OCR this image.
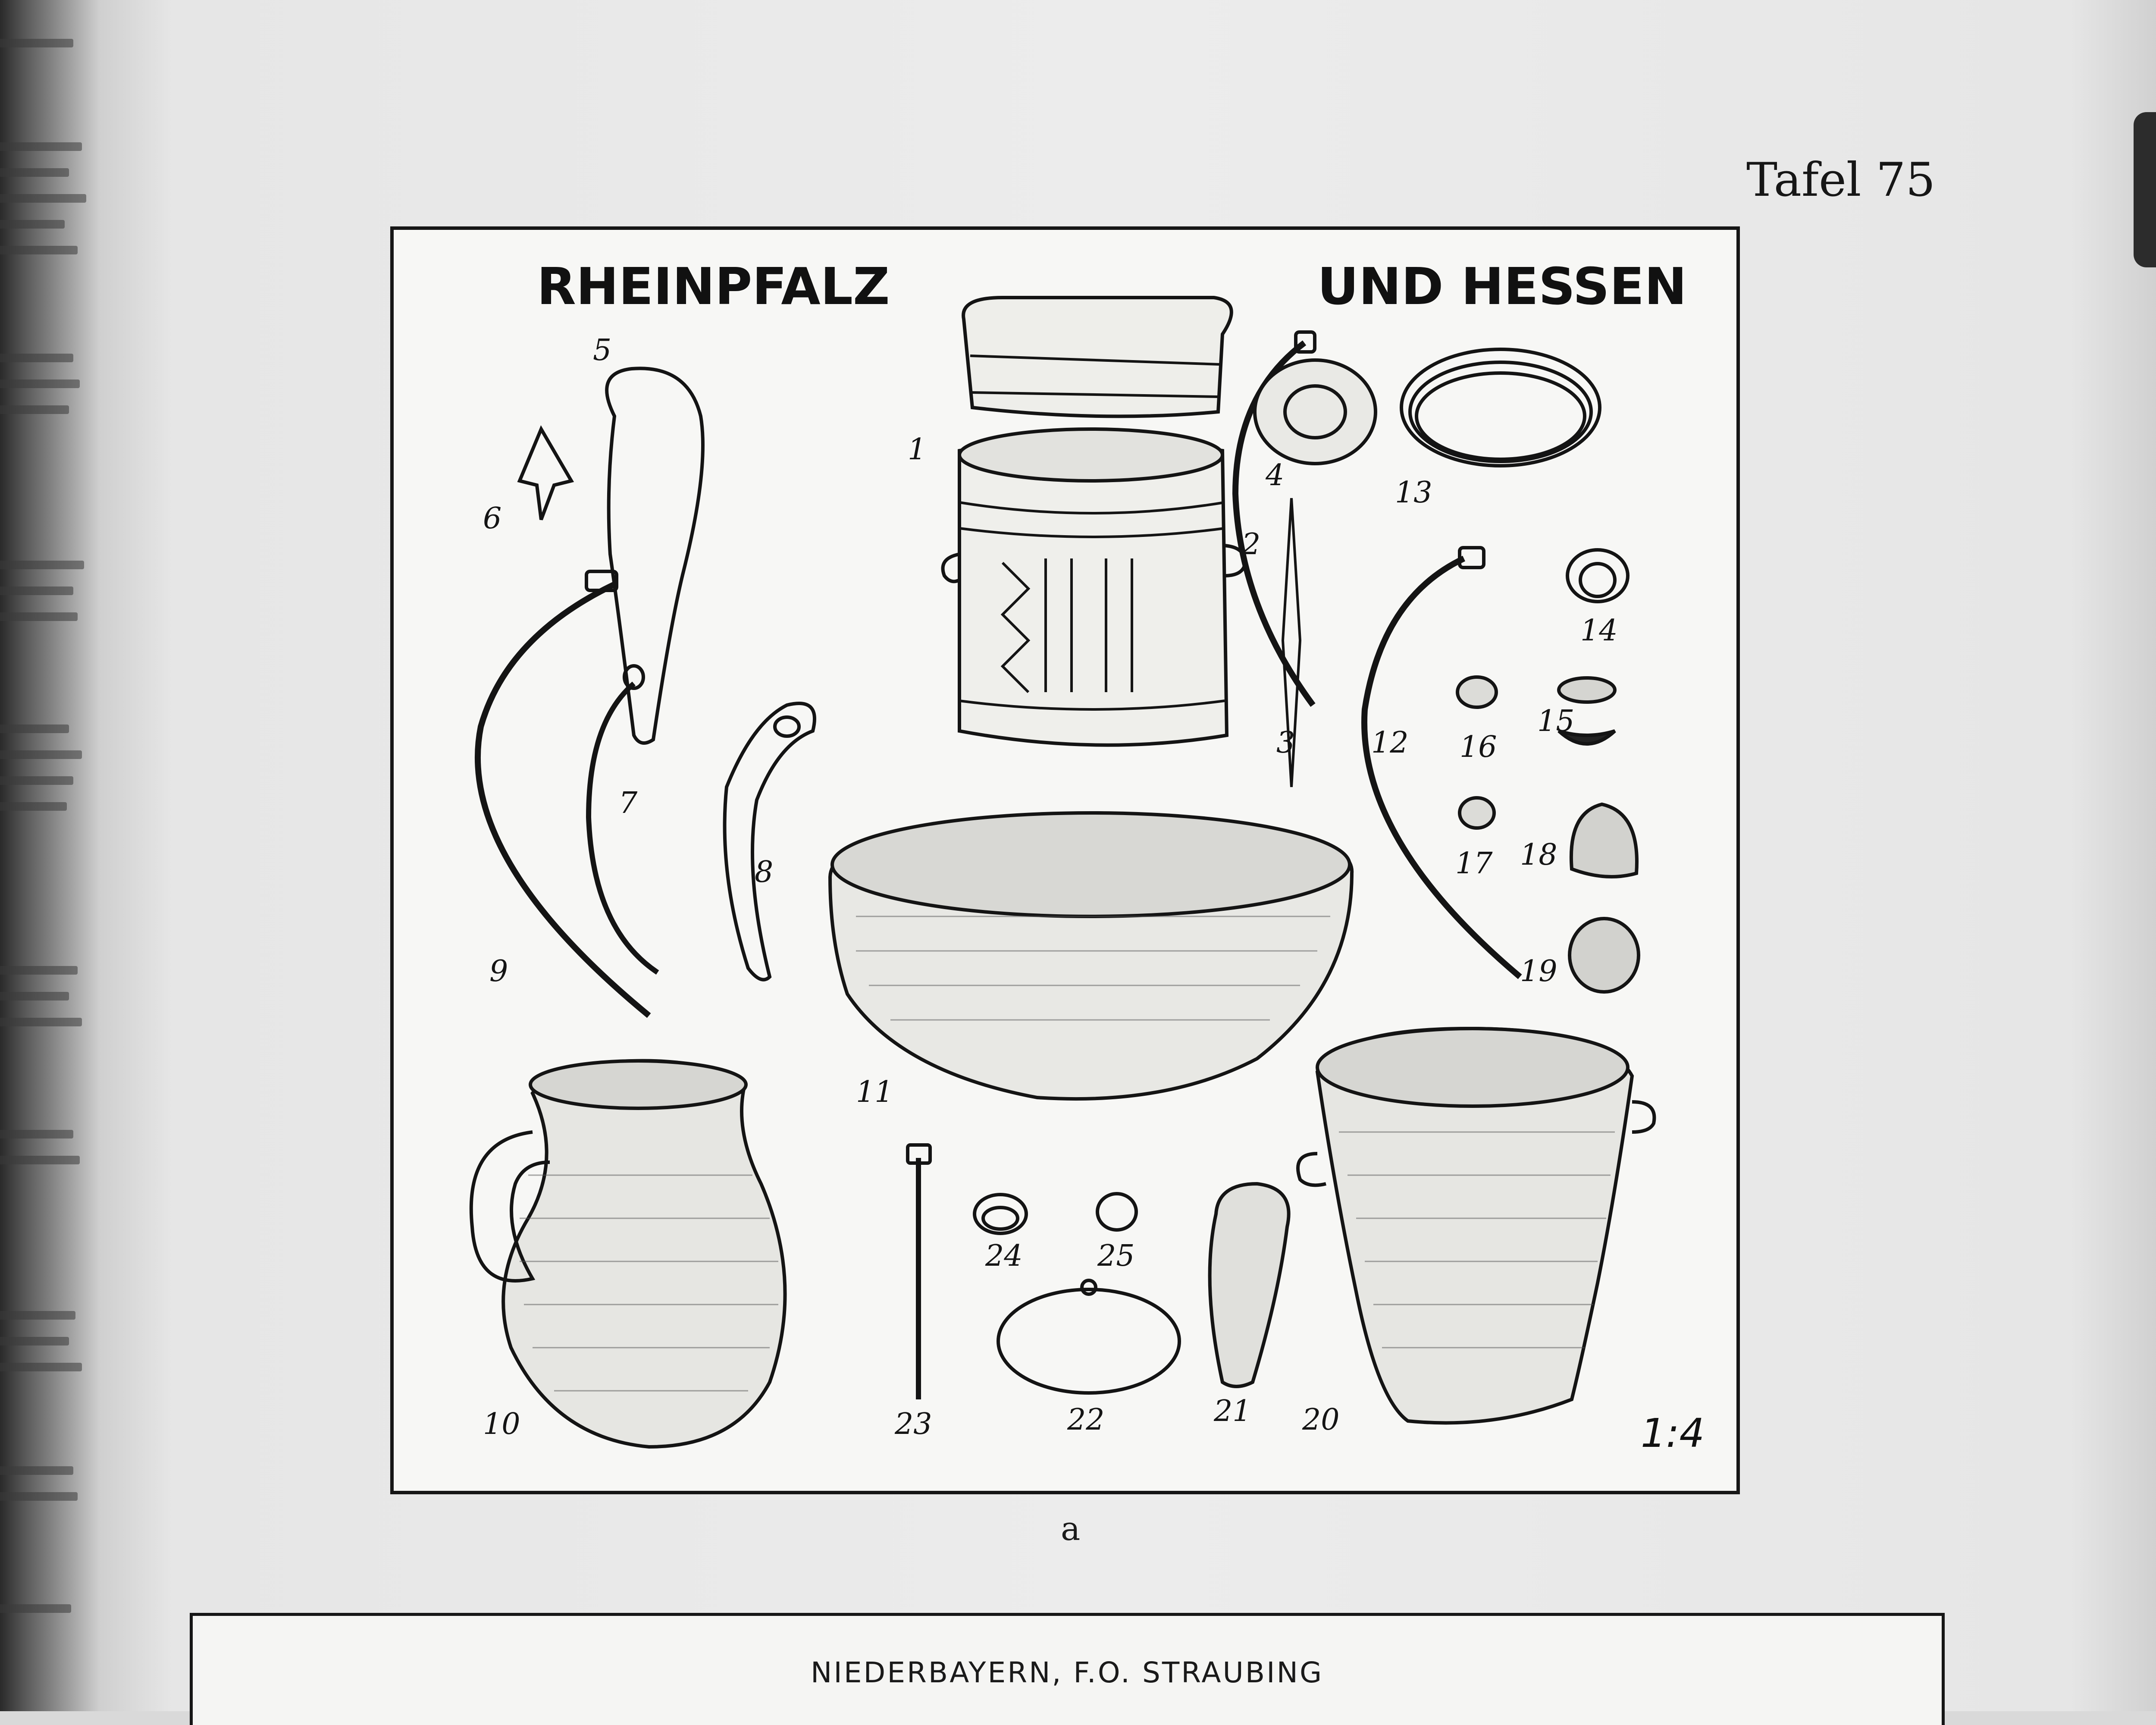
Tafel 75
1
2
3
4
5
6
7
8
9
10
11
12
13
14
15
16
17 18
19
20
21
22
23
24	25
RHEINPFALZ	UND HESSEN
1:4
a
NIEDERBAYERN, F.O. STRAUBING
